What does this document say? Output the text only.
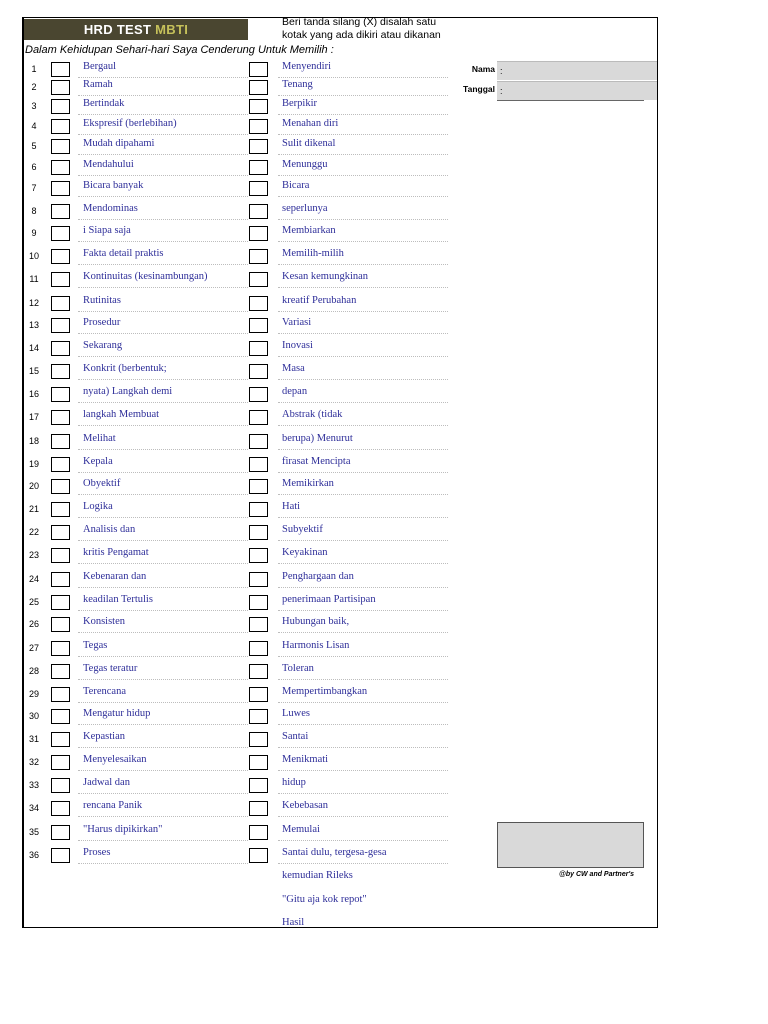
HRD TEST MBTI	Beri tanda silang (X) disalah satu
kotak yang ada dikiri atau dikanan
Dalam Kehidupan Sehari-hari Saya Cenderung Untuk Memilih :
Nama :
Tanggal :
1	Bergaul	Menyendiri
2	Ramah	Tenang
3	Bertindak	Berpikir
4	Ekspresif (berlebihan)	Menahan diri
5	Mudah dipahami	Sulit dikenal
6	Mendahului	Menunggu
7	Bicara banyak	Bicara
8	Mendominas	seperlunya
9	i Siapa saja	Membiarkan
10	Fakta detail praktis	Memilih-milih
11	Kontinuitas (kesinambungan)	Kesan kemungkinan
12	Rutinitas	kreatif Perubahan
13	Prosedur	Variasi
14	Sekarang	Inovasi
15	Konkrit (berbentuk;	Masa
16	nyata) Langkah demi	depan
17	langkah Membuat	Abstrak (tidak
18	Melihat	berupa) Menurut
19	Kepala	firasat Mencipta
20	Obyektif	Memikirkan
21	Logika	Hati
22	Analisis dan	Subyektif
23	kritis Pengamat	Keyakinan
24	Kebenaran dan	Penghargaan dan
25	keadilan Tertulis	penerimaan Partisipan
26	Konsisten	Hubungan baik,
27	Tegas	Harmonis Lisan
28	Tegas teratur	Toleran
29	Terencana	Mempertimbangkan
30	Mengatur hidup	Luwes
31	Kepastian	Santai
32	Menyelesaikan	Menikmati
33	Jadwal dan	hidup
34	rencana Panik	Kebebasan
35	"Harus dipikirkan"	Memulai
36	Proses	Santai dulu, tergesa-gesa
kemudian Rileks
"Gitu aja kok repot"
Hasil
@by CW and Partner's
